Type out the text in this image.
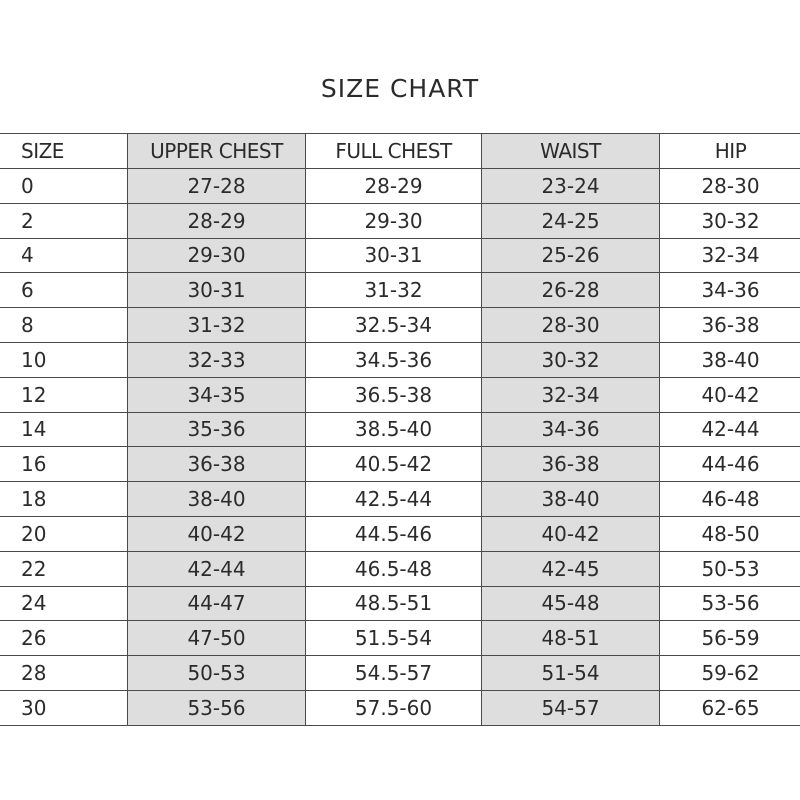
SIZE CHART
SIZE	UPPER CHEST	FULL CHEST	WAIST	HIP
0	27-28	28-29	23-24	28-30
2	28-29	29-30	24-25	30-32
4	29-30	30-31	25-26	32-34
6	30-31	31-32	26-28	34-36
8	31-32	32.5-34	28-30	36-38
10	32-33	34.5-36	30-32	38-40
12	34-35	36.5-38	32-34	40-42
14	35-36	38.5-40	34-36	42-44
16	36-38	40.5-42	36-38	44-46
18	38-40	42.5-44	38-40	46-48
20	40-42	44.5-46	40-42	48-50
22	42-44	46.5-48	42-45	50-53
24	44-47	48.5-51	45-48	53-56
26	47-50	51.5-54	48-51	56-59
28	50-53	54.5-57	51-54	59-62
30	53-56	57.5-60	54-57	62-65
